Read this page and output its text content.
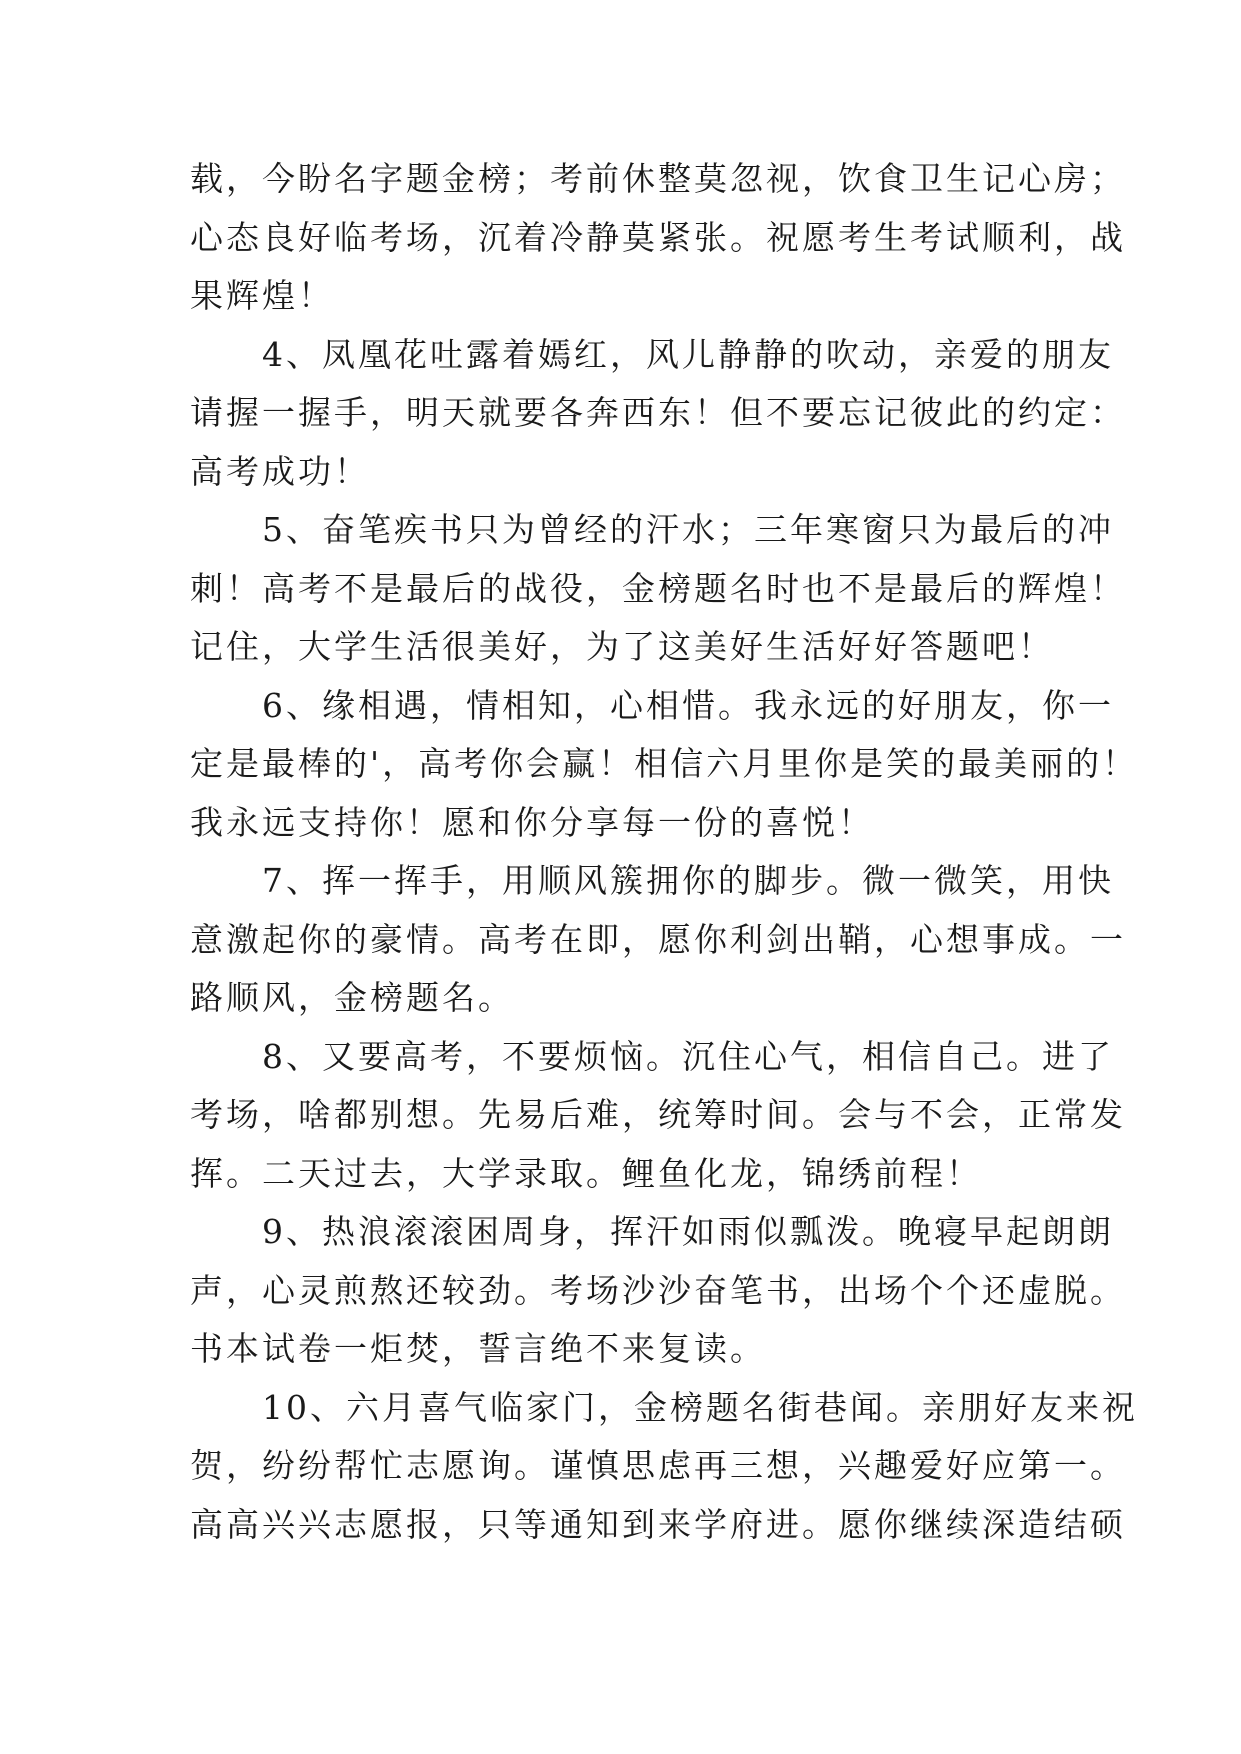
载，今盼名字题金榜；考前休整莫忽视，饮食卫生记心房；
心态良好临考场，沉着冷静莫紧张。祝愿考生考试顺利，战
果辉煌！
　　4、凤凰花吐露着嫣红，风儿静静的吹动，亲爱的朋友
请握一握手，明天就要各奔西东！但不要忘记彼此的约定：
高考成功！
　　5、奋笔疾书只为曾经的汗水；三年寒窗只为最后的冲
刺！高考不是最后的战役，金榜题名时也不是最后的辉煌！
记住，大学生活很美好，为了这美好生活好好答题吧！
　　6、缘相遇，情相知，心相惜。我永远的好朋友，你一
定是最棒的'，高考你会赢！相信六月里你是笑的最美丽的！
我永远支持你！愿和你分享每一份的喜悦！
　　7、挥一挥手，用顺风簇拥你的脚步。微一微笑，用快
意激起你的豪情。高考在即，愿你利剑出鞘，心想事成。一
路顺风，金榜题名。
　　8、又要高考，不要烦恼。沉住心气，相信自己。进了
考场，啥都别想。先易后难，统筹时间。会与不会，正常发
挥。二天过去，大学录取。鲤鱼化龙，锦绣前程！
　　9、热浪滚滚困周身，挥汗如雨似瓢泼。晚寝早起朗朗
声，心灵煎熬还较劲。考场沙沙奋笔书，出场个个还虚脱。
书本试卷一炬焚，誓言绝不来复读。
　　10、六月喜气临家门，金榜题名街巷闻。亲朋好友来祝
贺，纷纷帮忙志愿询。谨慎思虑再三想，兴趣爱好应第一。
高高兴兴志愿报，只等通知到来学府进。愿你继续深造结硕
